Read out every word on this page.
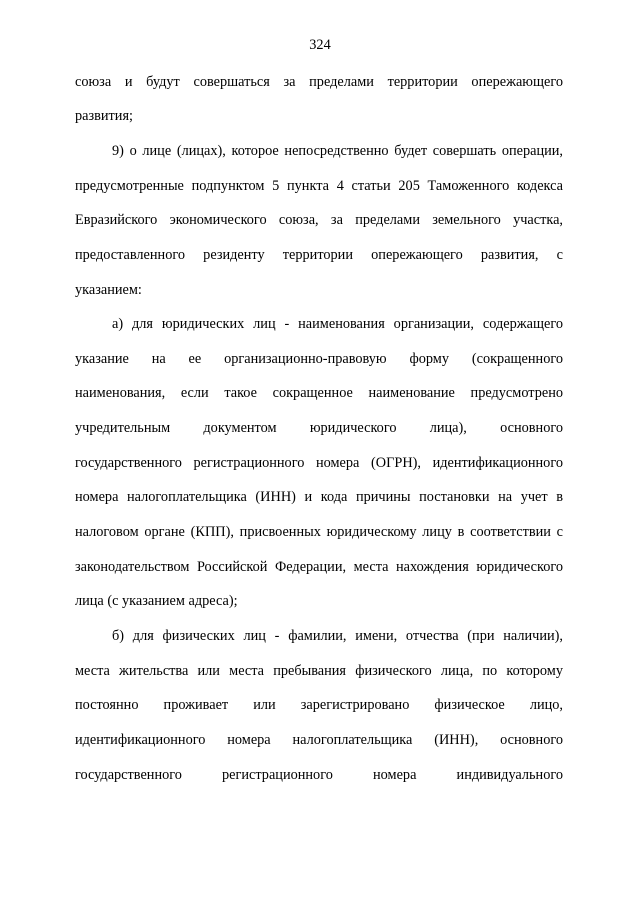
324
союза и будут совершаться за пределами территории опережающего
развития;
9) о лице (лицах), которое непосредственно будет совершать операции,
предусмотренные подпунктом 5 пункта 4 статьи 205 Таможенного кодекса
Евразийского экономического союза, за пределами земельного участка,
предоставленного резиденту территории опережающего развития, с
указанием:
а) для юридических лиц - наименования организации, содержащего
указание на ее организационно-правовую форму (сокращенного
наименования, если такое сокращенное наименование предусмотрено
учредительным документом юридического лица), основного
государственного регистрационного номера (ОГРН), идентификационного
номера налогоплательщика (ИНН) и кода причины постановки на учет в
налоговом органе (КПП), присвоенных юридическому лицу в соответствии с
законодательством Российской Федерации, места нахождения юридического
лица (с указанием адреса);
б) для физических лиц - фамилии, имени, отчества (при наличии),
места жительства или места пребывания физического лица, по которому
постоянно проживает или зарегистрировано физическое лицо,
идентификационного номера налогоплательщика (ИНН), основного
государственного регистрационного номера индивидуального
